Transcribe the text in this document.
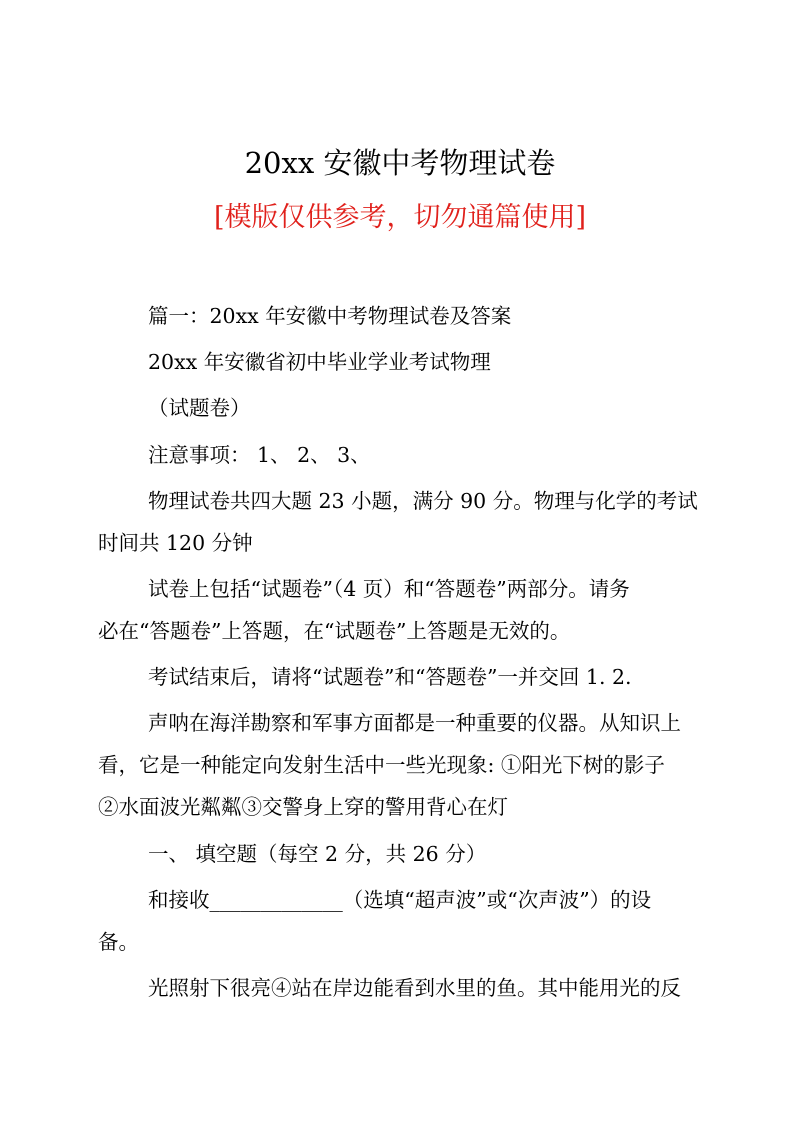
20xx 安徽中考物理试卷
[模版仅供参考，切勿通篇使用]
篇一：20xx 年安徽中考物理试卷及答案
20xx 年安徽省初中毕业学业考试物理
（试题卷）
注意事项： 1、 2、 3、
物理试卷共四大题 23 小题，满分 90 分。物理与化学的考试
时间共 120 分钟
试卷上包括“试题卷”（4 页）和“答题卷”两部分。请务
必在“答题卷”上答题，在“试题卷”上答题是无效的。
考试结束后，请将“试题卷”和“答题卷”一并交回 1. 2.
声呐在海洋勘察和军事方面都是一种重要的仪器。从知识上
看，它是一种能定向发射生活中一些光现象: ①阳光下树的影子
②水面波光粼粼③交警身上穿的警用背心在灯
一、 填空题（每空 2 分，共 26 分）
和接收_____________（选填“超声波”或“次声波”）的设
备。
光照射下很亮④站在岸边能看到水里的鱼。其中能用光的反
